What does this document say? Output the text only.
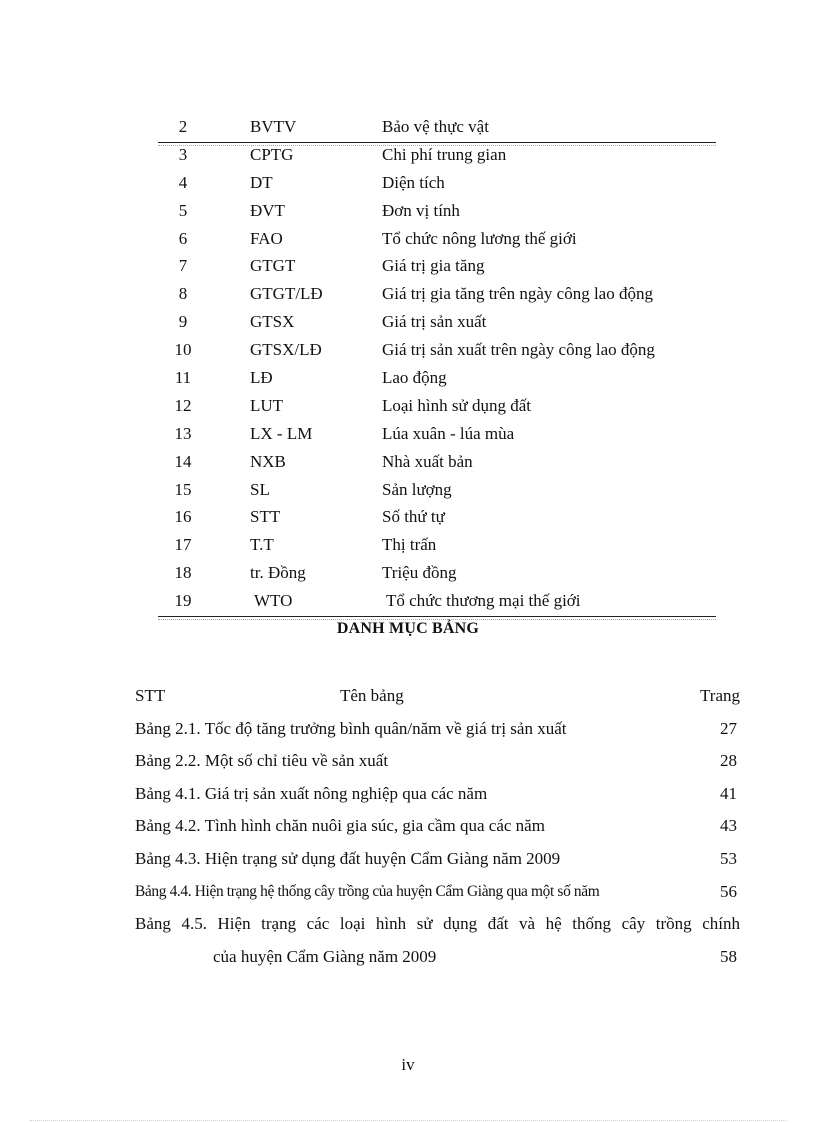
2	BVTV	Bảo vệ thực vật
3	CPTG	Chi phí trung gian
4	DT	Diện tích
5	ĐVT	Đơn vị tính
6	FAO	Tổ chức nông lương thế giới
7	GTGT	Giá trị gia tăng
8	GTGT/LĐ	Giá trị gia tăng trên ngày công lao động
9	GTSX	Giá trị sản xuất
10	GTSX/LĐ	Giá trị sản xuất trên ngày công lao động
11	LĐ	Lao động
12	LUT	Loại hình sử dụng đất
13	LX - LM	Lúa xuân - lúa mùa
14	NXB	Nhà xuất bản
15	SL	Sản lượng
16	STT	Số thứ tự
17	T.T	Thị trấn
18	tr. Đồng	Triệu đồng
19	WTO	Tổ chức thương mại thế giới
DANH MỤC BẢNG
STT	Tên bảng	Trang
Bảng 2.1. Tốc độ tăng trưởng bình quân/năm về giá trị sản xuất	27
Bảng 2.2. Một số chỉ tiêu về sản xuất	28
Bảng 4.1. Giá trị sản xuất nông nghiệp qua các năm	41
Bảng 4.2. Tình hình chăn nuôi gia súc, gia cầm qua các năm	43
Bảng 4.3. Hiện trạng sử dụng đất huyện Cẩm Giàng năm 2009	53
Bảng 4.4. Hiện trạng hệ thống cây trồng của huyện Cẩm Giàng qua một số năm	56
Bảng 4.5. Hiện trạng các loại hình sử dụng đất và hệ thống cây trồng chính
của huyện Cẩm Giàng năm 2009	58
iv
